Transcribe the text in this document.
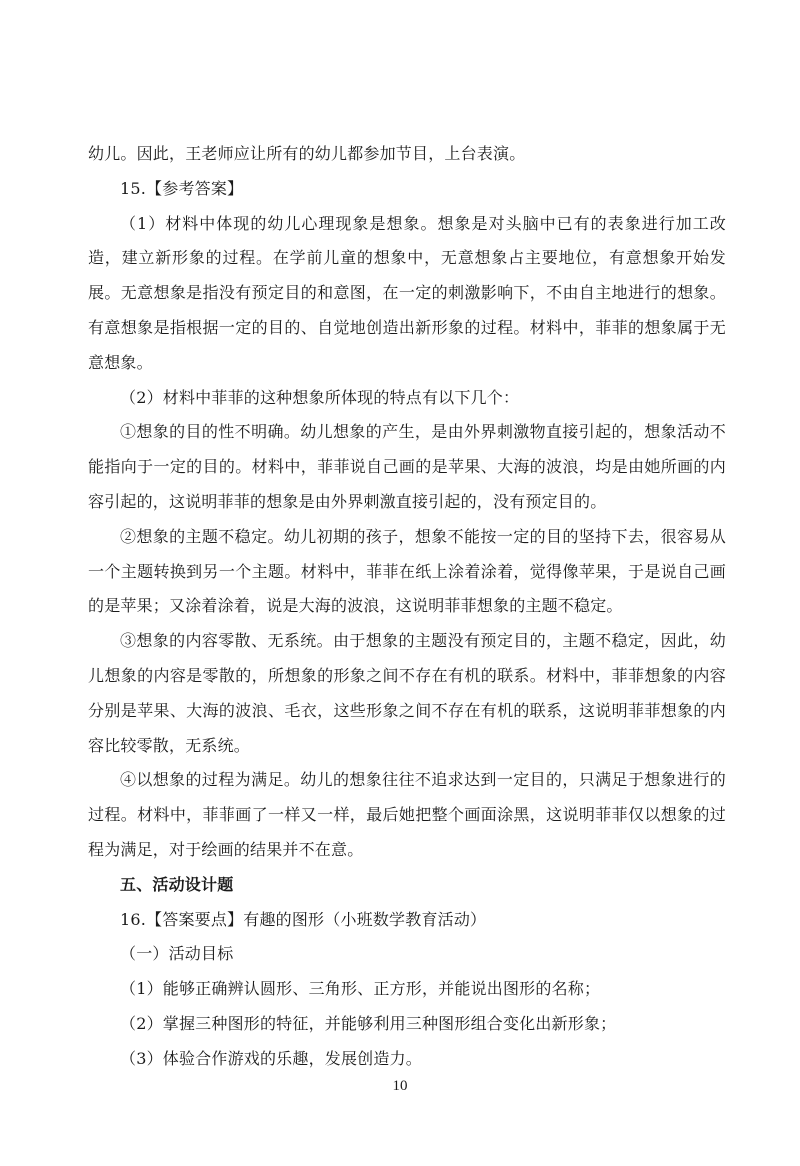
幼儿。因此，王老师应让所有的幼儿都参加节目，上台表演。

15.【参考答案】

（1）材料中体现的幼儿心理现象是想象。想象是对头脑中已有的表象进行加工改造，建立新形象的过程。在学前儿童的想象中，无意想象占主要地位，有意想象开始发展。无意想象是指没有预定目的和意图，在一定的刺激影响下，不由自主地进行的想象。有意想象是指根据一定的目的、自觉地创造出新形象的过程。材料中，菲菲的想象属于无意想象。

（2）材料中菲菲的这种想象所体现的特点有以下几个：

①想象的目的性不明确。幼儿想象的产生，是由外界刺激物直接引起的，想象活动不能指向于一定的目的。材料中，菲菲说自己画的是苹果、大海的波浪，均是由她所画的内容引起的，这说明菲菲的想象是由外界刺激直接引起的，没有预定目的。

②想象的主题不稳定。幼儿初期的孩子，想象不能按一定的目的坚持下去，很容易从一个主题转换到另一个主题。材料中，菲菲在纸上涂着涂着，觉得像苹果，于是说自己画的是苹果；又涂着涂着，说是大海的波浪，这说明菲菲想象的主题不稳定。

③想象的内容零散、无系统。由于想象的主题没有预定目的，主题不稳定，因此，幼儿想象的内容是零散的，所想象的形象之间不存在有机的联系。材料中，菲菲想象的内容分别是苹果、大海的波浪、毛衣，这些形象之间不存在有机的联系，这说明菲菲想象的内容比较零散，无系统。

④以想象的过程为满足。幼儿的想象往往不追求达到一定目的，只满足于想象进行的过程。材料中，菲菲画了一样又一样，最后她把整个画面涂黑，这说明菲菲仅以想象的过程为满足，对于绘画的结果并不在意。

五、活动设计题

16.【答案要点】有趣的图形（小班数学教育活动）

（一）活动目标

（1）能够正确辨认圆形、三角形、正方形，并能说出图形的名称；

（2）掌握三种图形的特征，并能够利用三种图形组合变化出新形象；

（3）体验合作游戏的乐趣，发展创造力。

10
